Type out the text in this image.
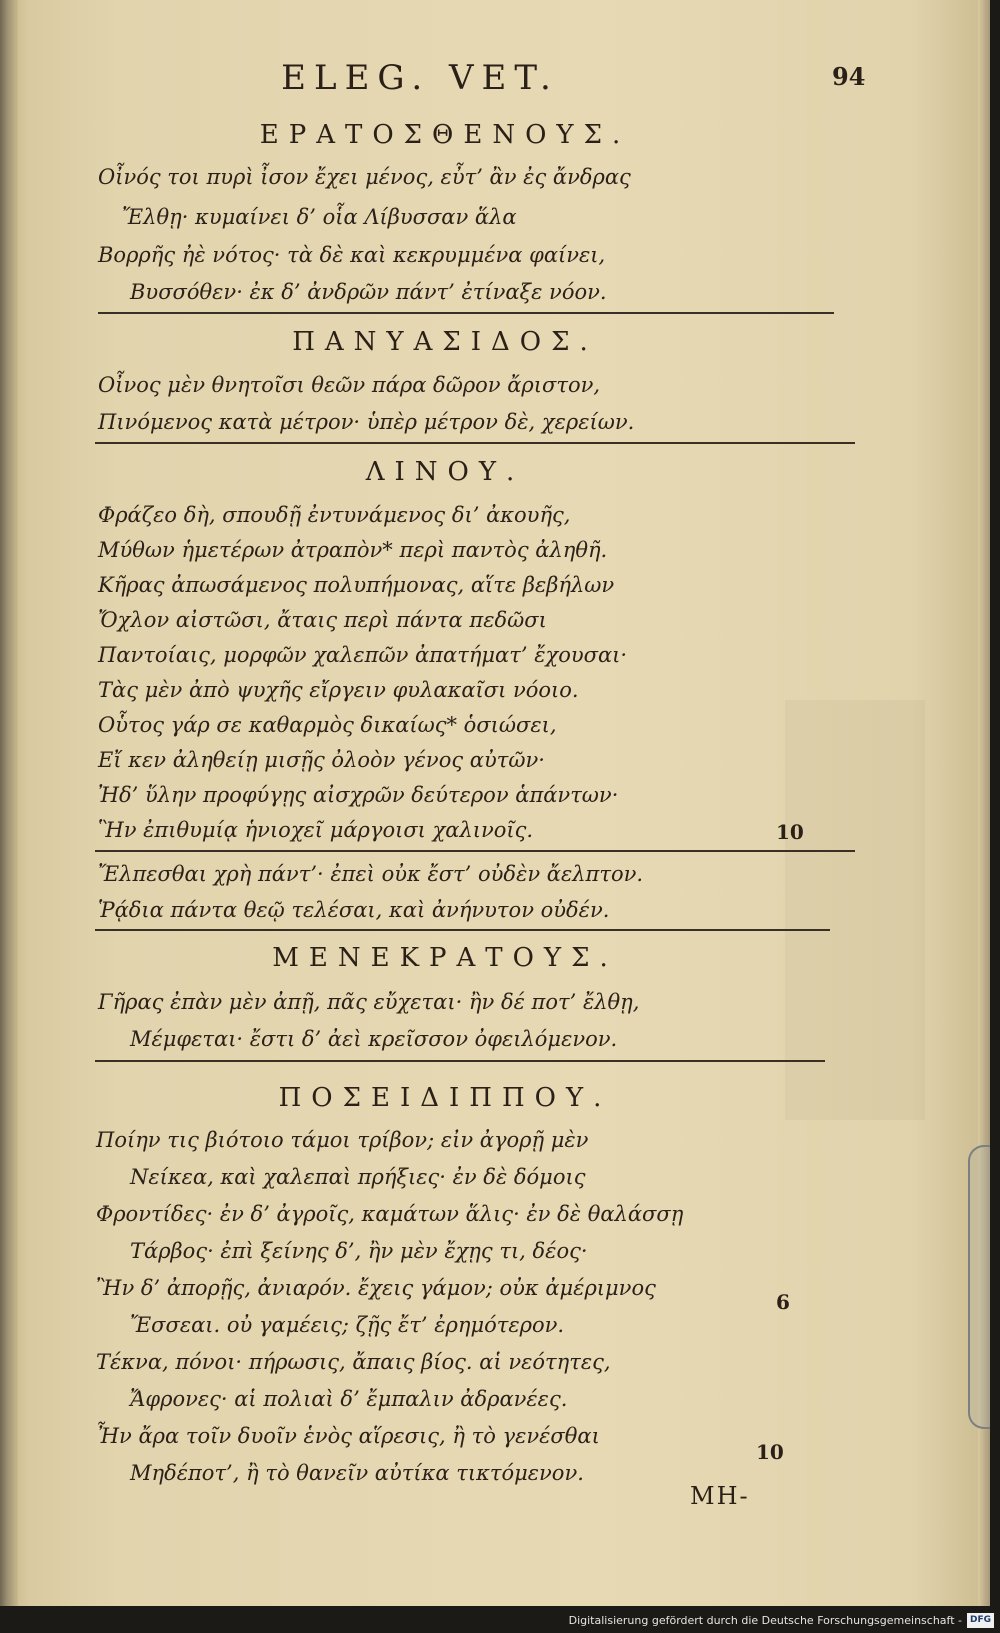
ELEG. VET.	94
ΕΡΑΤΟΣΘΕΝΟΥΣ.
Οἶνός τοι πυρὶ ἶσον ἔχει μένος, εὖτ’ ἂν ἐς ἄνδρας
Ἔλθῃ· κυμαίνει δ’ οἷα Λίβυσσαν ἅλα
Βορρῆς ἠὲ νότος· τὰ δὲ καὶ κεκρυμμένα φαίνει,
Βυσσόθεν· ἐκ δ’ ἀνδρῶν πάντ’ ἐτίναξε νόον.
ΠΑΝΥΑΣΙΔΟΣ.
Οἶνος μὲν θνητοῖσι θεῶν πάρα δῶρον ἄριστον,
Πινόμενος κατὰ μέτρον· ὑπὲρ μέτρον δὲ, χερείων.
ΛΙΝΟΥ.
Φράζεο δὴ, σπουδῇ ἐντυνάμενος δι’ ἀκουῆς,
Μύθων ἡμετέρων ἀτραπὸν* περὶ παντὸς ἀληθῆ.
Κῆρας ἀπωσάμενος πολυπήμονας, αἵτε βεβήλων
Ὄχλον αἰστῶσι, ἄταις περὶ πάντα πεδῶσι
Παντοίαις, μορφῶν χαλεπῶν ἀπατήματ’ ἔχουσαι·
Τὰς μὲν ἀπὸ ψυχῆς εἴργειν φυλακαῖσι νόοιο.
Οὗτος γάρ σε καθαρμὸς δικαίως* ὁσιώσει,
Εἴ κεν ἀληθείῃ μισῇς ὀλοὸν γένος αὐτῶν·
Ἠδ’ ὕλην προφύγῃς αἰσχρῶν δεύτερον ἁπάντων·
Ἣν ἐπιθυμίᾳ ἡνιοχεῖ μάργοισι χαλινοῖς.	10
Ἔλπεσθαι χρὴ πάντ’· ἐπεὶ οὐκ ἔστ’ οὐδὲν ἄελπτον.
Ῥᾴδια πάντα θεῷ τελέσαι, καὶ ἀνήνυτον οὐδέν.
ΜΕΝΕΚΡΑΤΟΥΣ.
Γῆρας ἐπὰν μὲν ἀπῇ, πᾶς εὔχεται· ἢν δέ ποτ’ ἔλθῃ,
Μέμφεται· ἔστι δ’ ἀεὶ κρεῖσσον ὀφειλόμενον.
ΠΟΣΕΙΔΙΠΠΟΥ.
Ποίην τις βιότοιο τάμοι τρίβον; εἰν ἀγορῇ μὲν
Νείκεα, καὶ χαλεπαὶ πρήξιες· ἐν δὲ δόμοις
Φροντίδες· ἐν δ’ ἀγροῖς, καμάτων ἅλις· ἐν δὲ θαλάσσῃ
Τάρβος· ἐπὶ ξείνης δ’, ἢν μὲν ἔχῃς τι, δέος·
Ἢν δ’ ἀπορῇς, ἀνιαρόν. ἔχεις γάμον; οὐκ ἀμέριμνος
Ἔσσεαι. οὐ γαμέεις; ζῇς ἔτ’ ἐρημότερον.
6
Τέκνα, πόνοι· πήρωσις, ἄπαις βίος. αἱ νεότητες,
Ἄφρονες· αἱ πολιαὶ δ’ ἔμπαλιν ἀδρανέες.
Ἦν ἄρα τοῖν δυοῖν ἑνὸς αἵρεσις, ἢ τὸ γενέσθαι
Μηδέποτ’, ἢ τὸ θανεῖν αὐτίκα τικτόμενον.
10
ΜΗ-
Digitalisierung gefördert durch die Deutsche Forschungsgemeinschaft - DFG
